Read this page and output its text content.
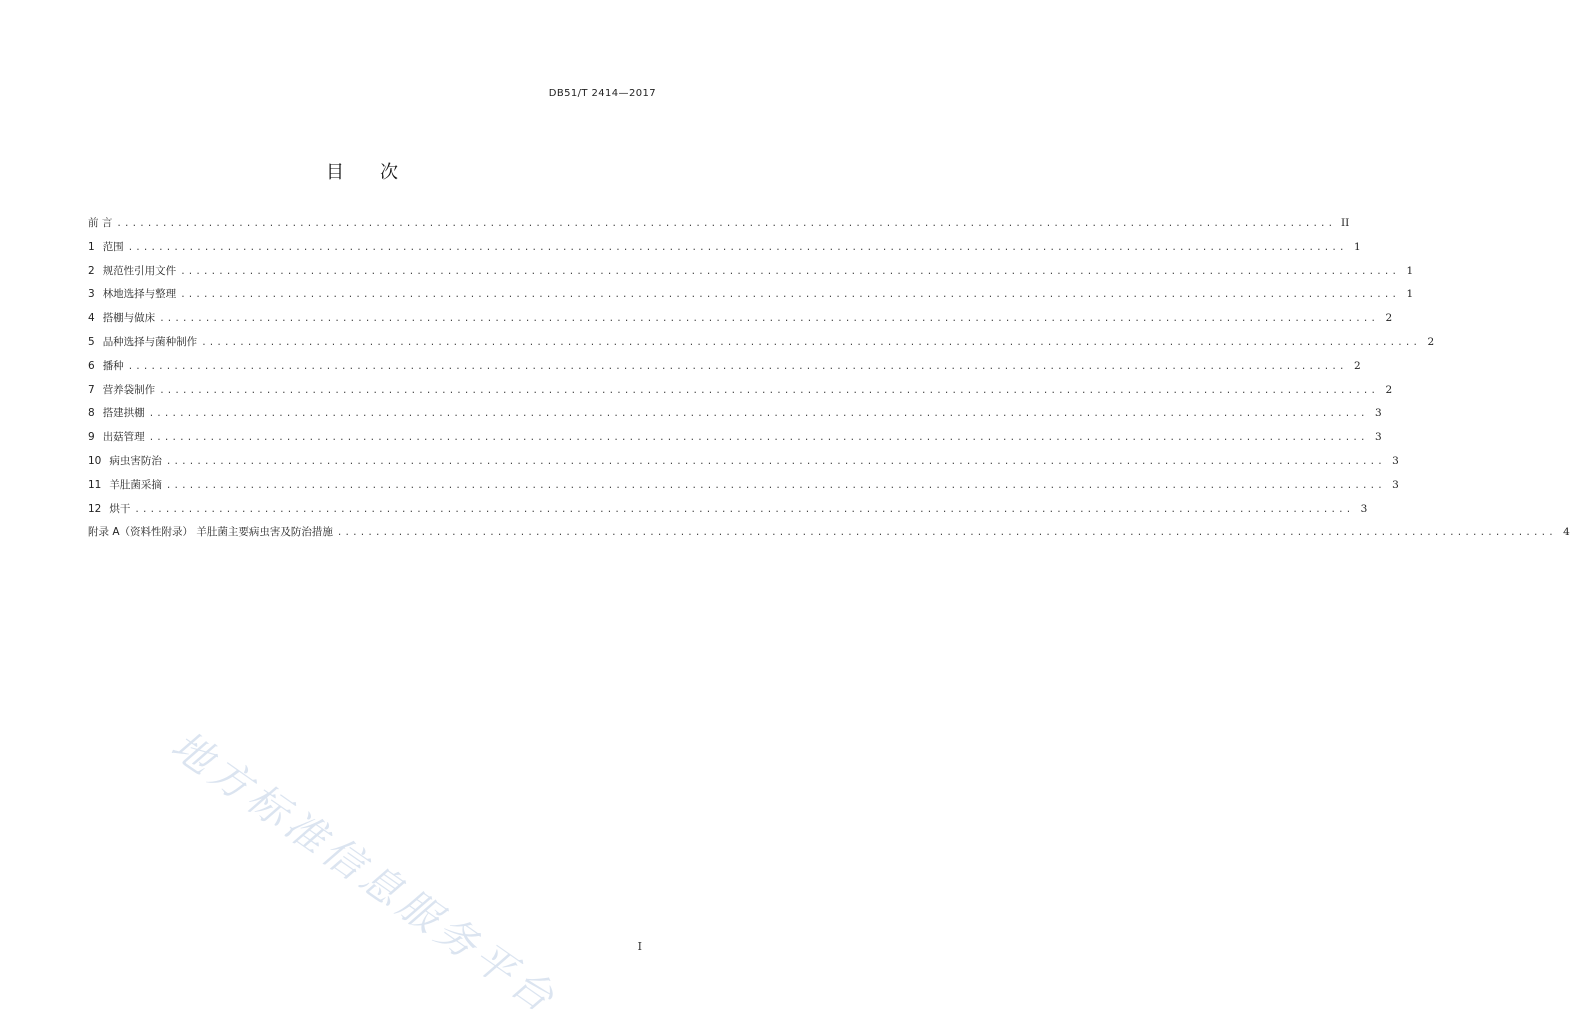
DB51/T 2414—2017
目 次
前 言 ................................................................................................................................................................ II
1 范围 ................................................................................................................................................................ 1
2 规范性引用文件 ................................................................................................................................................................ 1
3 林地选择与整理 ................................................................................................................................................................ 1
4 搭棚与做床 ................................................................................................................................................................ 2
5 品种选择与菌种制作 ................................................................................................................................................................ 2
6 播种 ................................................................................................................................................................ 2
7 营养袋制作 ................................................................................................................................................................ 2
8 搭建拱棚 ................................................................................................................................................................ 3
9 出菇管理 ................................................................................................................................................................ 3
10 病虫害防治 ................................................................................................................................................................ 3
11 羊肚菌采摘 ................................................................................................................................................................ 3
12 烘干 ................................................................................................................................................................ 3
附录 A（资料性附录） 羊肚菌主要病虫害及防治措施 ................................................................................................................................................................ 4
地方标准信息服务平台	I
